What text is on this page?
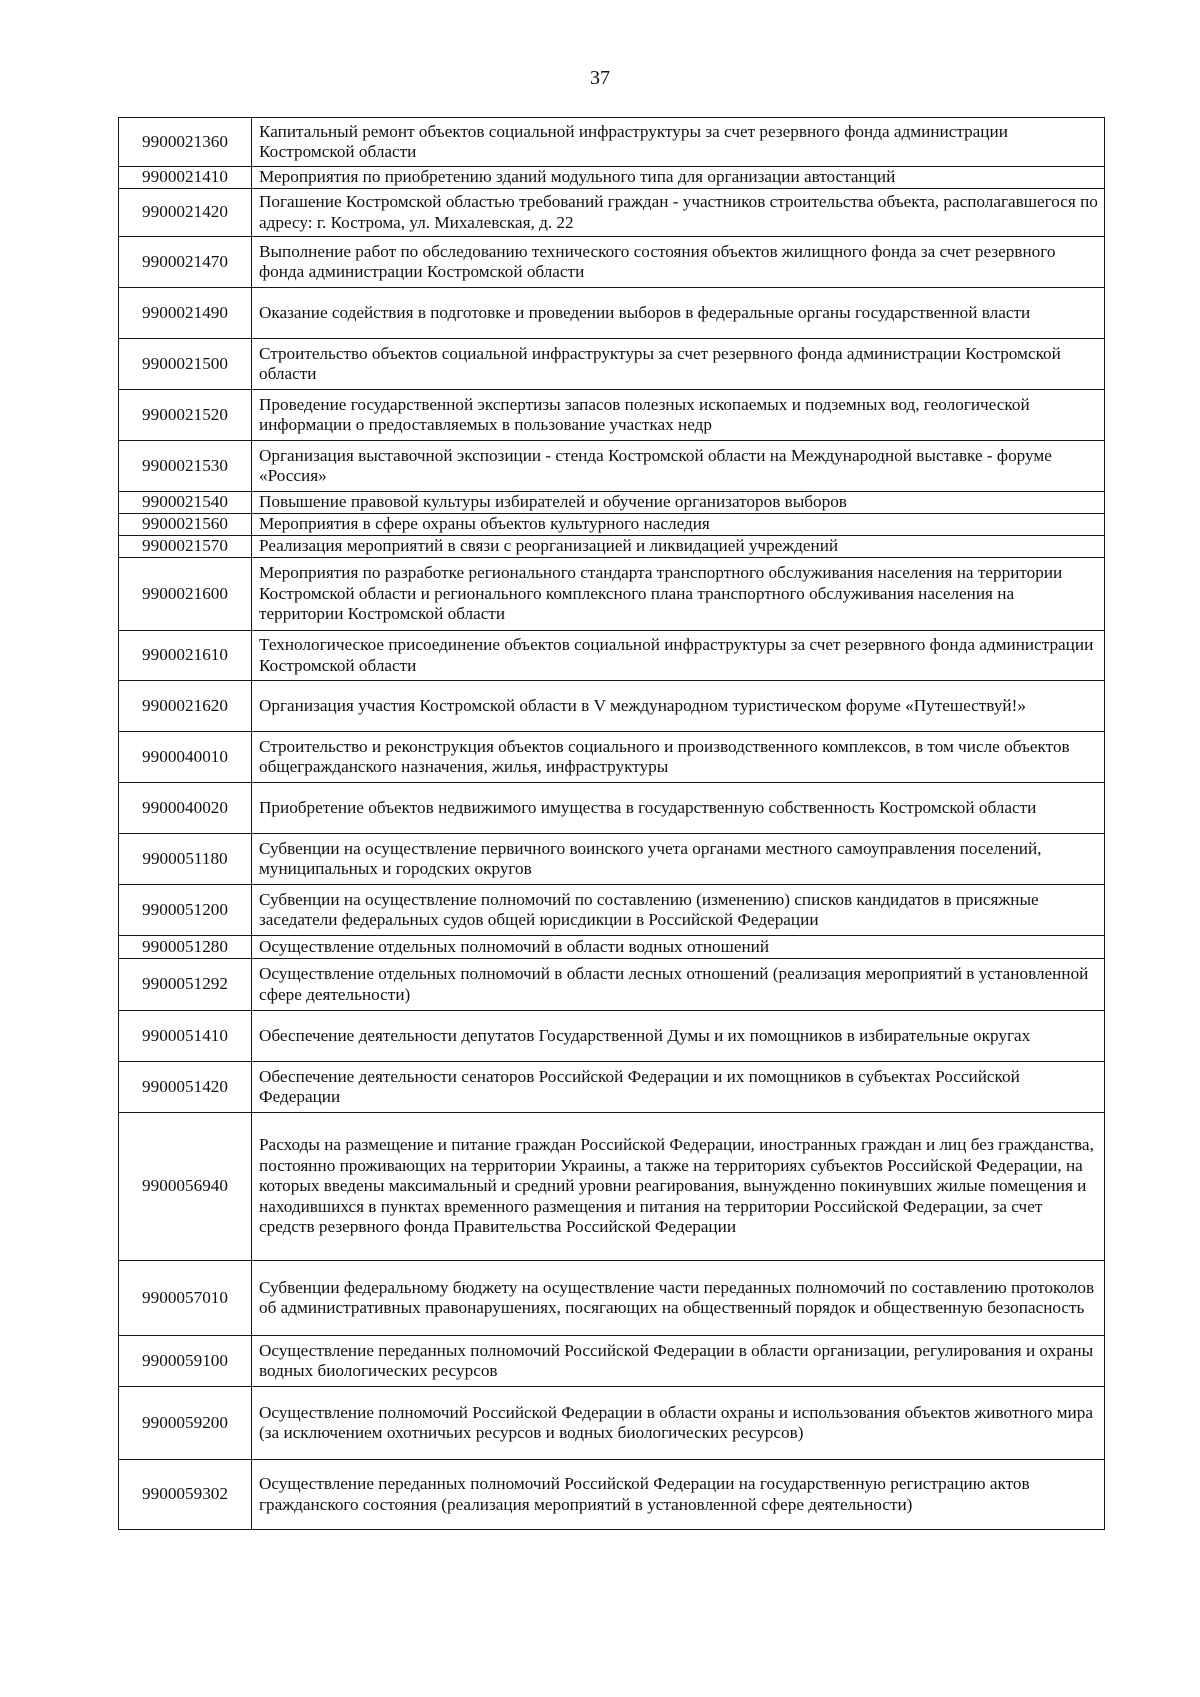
37
9900021360	Капитальный ремонт объектов социальной инфраструктуры за счет резервного фонда администрации Костромской области
9900021410	Мероприятия по приобретению зданий модульного типа для организации автостанций
9900021420	Погашение Костромской областью требований граждан - участников строительства объекта, располагавшегося по адресу: г. Кострома, ул. Михалевская, д. 22
9900021470	Выполнение работ по обследованию технического состояния объектов жилищного фонда за счет резервного фонда администрации Костромской области
9900021490	Оказание содействия в подготовке и проведении выборов в федеральные органы государственной власти
9900021500	Строительство объектов социальной инфраструктуры за счет резервного фонда администрации Костромской области
9900021520	Проведение государственной экспертизы запасов полезных ископаемых и подземных вод, геологической информации о предоставляемых в пользование участках недр
9900021530	Организация выставочной экспозиции - стенда Костромской области на Международной выставке - форуме «Россия»
9900021540	Повышение правовой культуры избирателей и обучение организаторов выборов
9900021560	Мероприятия в сфере охраны объектов культурного наследия
9900021570	Реализация мероприятий в связи с реорганизацией и ликвидацией учреждений
9900021600	Мероприятия по разработке регионального стандарта транспортного обслуживания населения на территории Костромской области и регионального комплексного плана транспортного обслуживания населения на территории Костромской области
9900021610	Технологическое присоединение объектов социальной инфраструктуры за счет резервного фонда администрации Костромской области
9900021620	Организация участия Костромской области в V международном туристическом форуме «Путешествуй!»
9900040010	Строительство и реконструкция объектов социального и производственного комплексов, в том числе объектов общегражданского назначения, жилья, инфраструктуры
9900040020	Приобретение объектов недвижимого имущества в государственную собственность Костромской области
9900051180	Субвенции на осуществление первичного воинского учета органами местного самоуправления поселений, муниципальных и городских округов
9900051200	Субвенции на осуществление полномочий по составлению (изменению) списков кандидатов в присяжные заседатели федеральных судов общей юрисдикции в Российской Федерации
9900051280	Осуществление отдельных полномочий в области водных отношений
9900051292	Осуществление отдельных полномочий в области лесных отношений (реализация мероприятий в установленной сфере деятельности)
9900051410	Обеспечение деятельности депутатов Государственной Думы и их помощников в избирательные округах
9900051420	Обеспечение деятельности сенаторов Российской Федерации и их помощников в субъектах Российской Федерации
9900056940	Расходы на размещение и питание граждан Российской Федерации, иностранных граждан и лиц без гражданства, постоянно проживающих на территории Украины, а также на территориях субъектов Российской Федерации, на которых введены максимальный и средний уровни реагирования, вынужденно покинувших жилые помещения и находившихся в пунктах временного размещения и питания на территории Российской Федерации, за счет средств резервного фонда Правительства Российской Федерации
9900057010	Субвенции федеральному бюджету на осуществление части переданных полномочий по составлению протоколов об административных правонарушениях, посягающих на общественный порядок и общественную безопасность
9900059100	Осуществление переданных полномочий Российской Федерации в области организации, регулирования и охраны водных биологических ресурсов
9900059200	Осуществление полномочий Российской Федерации в области охраны и использования объектов животного мира (за исключением охотничьих ресурсов и водных биологических ресурсов)
9900059302	Осуществление переданных полномочий Российской Федерации на государственную регистрацию актов гражданского состояния (реализация мероприятий в установленной сфере деятельности)
